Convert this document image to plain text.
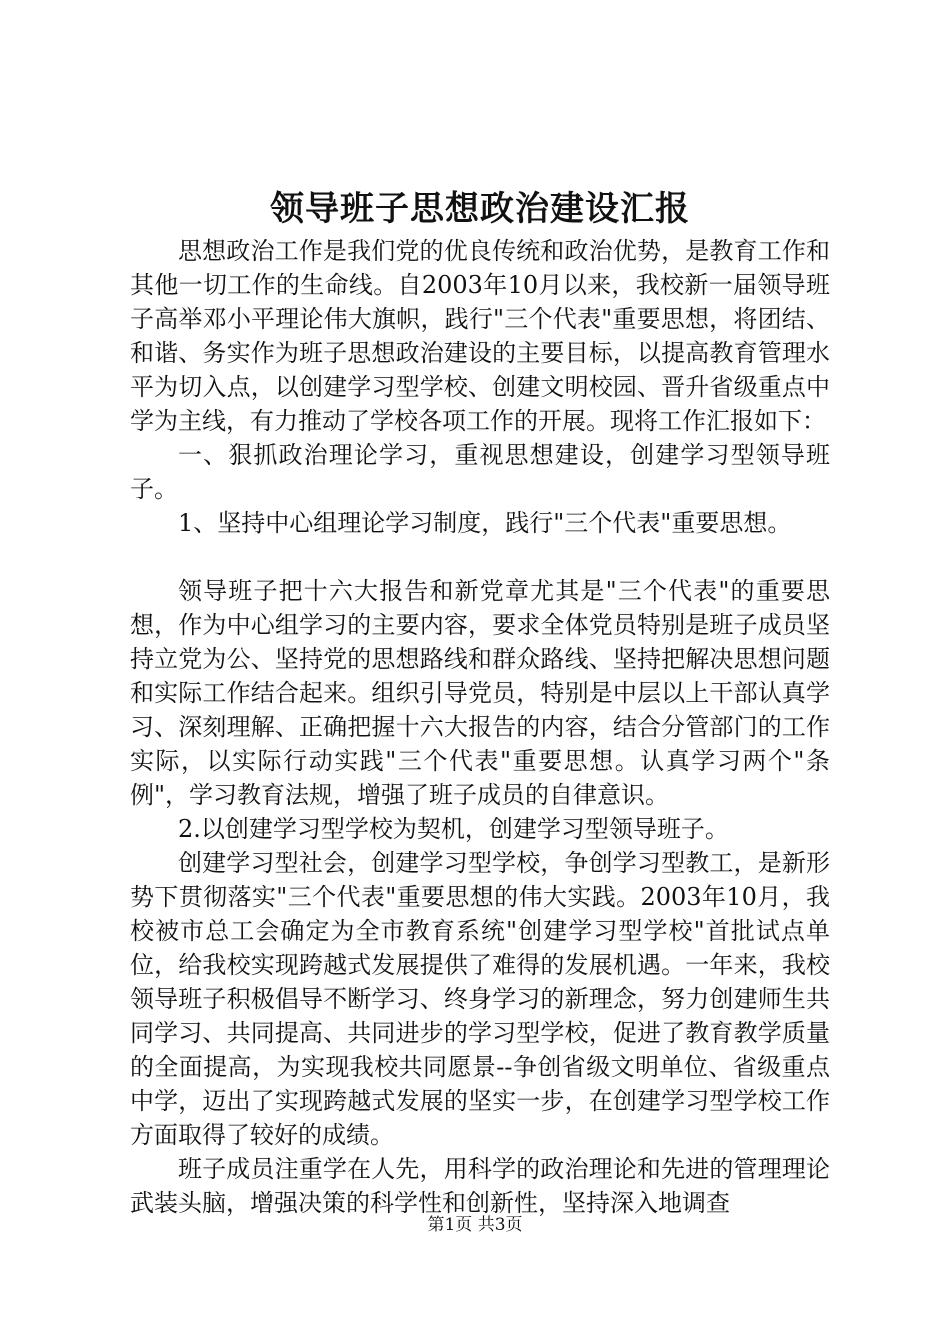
领导班子思想政治建设汇报

思想政治工作是我们党的优良传统和政治优势，是教育工作和其他一切工作的生命线。自2003年10月以来，我校新一届领导班子高举邓小平理论伟大旗帜，践行"三个代表"重要思想，将团结、和谐、务实作为班子思想政治建设的主要目标，以提高教育管理水平为切入点，以创建学习型学校、创建文明校园、晋升省级重点中学为主线，有力推动了学校各项工作的开展。现将工作汇报如下：

一、狠抓政治理论学习，重视思想建设，创建学习型领导班子。

1、坚持中心组理论学习制度，践行"三个代表"重要思想。

领导班子把十六大报告和新党章尤其是"三个代表"的重要思想，作为中心组学习的主要内容，要求全体党员特别是班子成员坚持立党为公、坚持党的思想路线和群众路线、坚持把解决思想问题和实际工作结合起来。组织引导党员，特别是中层以上干部认真学习、深刻理解、正确把握十六大报告的内容，结合分管部门的工作实际，以实际行动实践"三个代表"重要思想。认真学习两个"条例"，学习教育法规，增强了班子成员的自律意识。

2.以创建学习型学校为契机，创建学习型领导班子。

创建学习型社会，创建学习型学校，争创学习型教工，是新形势下贯彻落实"三个代表"重要思想的伟大实践。2003年10月，我校被市总工会确定为全市教育系统"创建学习型学校"首批试点单位，给我校实现跨越式发展提供了难得的发展机遇。一年来，我校领导班子积极倡导不断学习、终身学习的新理念，努力创建师生共同学习、共同提高、共同进步的学习型学校，促进了教育教学质量的全面提高，为实现我校共同愿景--争创省级文明单位、省级重点中学，迈出了实现跨越式发展的坚实一步，在创建学习型学校工作方面取得了较好的成绩。

班子成员注重学在人先，用科学的政治理论和先进的管理理论武装头脑，增强决策的科学性和创新性，坚持深入地调查

第1页 共3页
